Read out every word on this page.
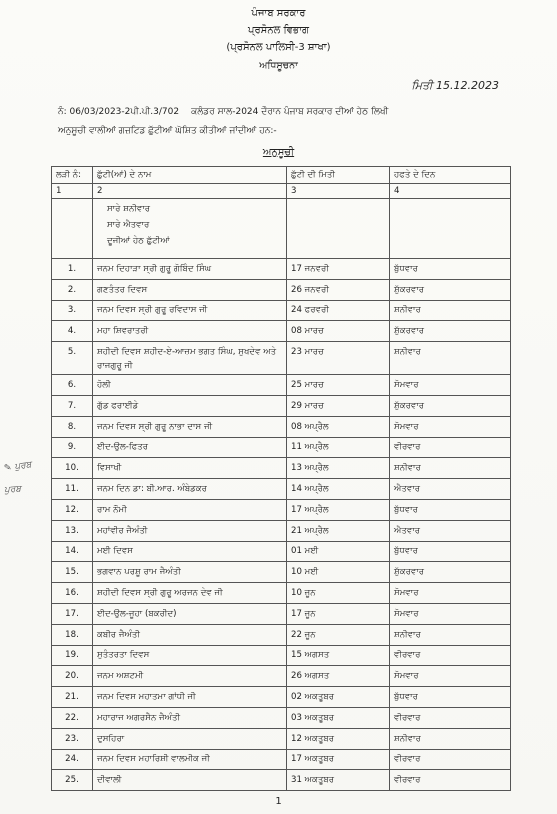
ਪੰਜਾਬ ਸਰਕਾਰ
ਪ੍ਰਸੋਨਲ ਵਿਭਾਗ
(ਪ੍ਰਸੋਨਲ ਪਾਲਿਸੀ-3 ਸ਼ਾਖਾ)
ਅਧਿਸੂਚਨਾ
ਮਿਤੀ 15.12.2023
ਨੰ: 06/03/2023-2ਪੀ.ਪੀ.3/702 ਕਲੰਡਰ ਸਾਲ-2024 ਦੌਰਾਨ ਪੰਜਾਬ ਸਰਕਾਰ ਦੀਆਂ ਹੇਠ ਲਿਖੀ
ਅਨੁਸੂਚੀ ਵਾਲੀਆਂ ਗਜ਼ਟਿਡ ਛੁੱਟੀਆਂ ਘੋਸ਼ਿਤ ਕੀਤੀਆਂ ਜਾਂਦੀਆਂ ਹਨ:-
ਅਨੁਸੂਚੀ
✎ ਪੁਰਬ
ਪੁਰਬ
ਲੜੀ ਨੰ:	ਛੁੱਟੀ(ਆਂ) ਦੇ ਨਾਮ	ਛੁੱਟੀ ਦੀ ਮਿਤੀ	ਹਫਤੇ ਦੇ ਦਿਨ
1	2	3	4

	ਸਾਰੇ ਸ਼ਨੀਵਾਰ
ਸਾਰੇ ਐਤਵਾਰ
ਦੂਜੀਆਂ ਹੇਠ ਛੁੱਟੀਆਂ		

1.	ਜਨਮ ਦਿਹਾੜਾ ਸ੍ਰੀ ਗੁਰੂ ਗੋਬਿੰਦ ਸਿੰਘ	17 ਜਨਵਰੀ	ਬੁੱਧਵਾਰ
2.	ਗਣਤੰਤਰ ਦਿਵਸ	26 ਜਨਵਰੀ	ਸ਼ੁੱਕਰਵਾਰ
3.	ਜਨਮ ਦਿਵਸ ਸ੍ਰੀ ਗੁਰੂ ਰਵਿਦਾਸ ਜੀ	24 ਫਰਵਰੀ	ਸ਼ਨੀਵਾਰ
4.	ਮਹਾ ਸ਼ਿਵਰਾਤਰੀ	08 ਮਾਰਚ	ਸ਼ੁੱਕਰਵਾਰ
5.	ਸ਼ਹੀਦੀ ਦਿਵਸ ਸ਼ਹੀਦ-ਏ-ਆਜ਼ਮ ਭਗਤ ਸਿੰਘ, ਸੁਖਦੇਵ ਅਤੇ ਰਾਜਗੁਰੂ ਜੀ	23 ਮਾਰਚ	ਸ਼ਨੀਵਾਰ
6.	ਹੋਲੀ	25 ਮਾਰਚ	ਸੋਮਵਾਰ
7.	ਗੁੱਡ ਫਰਾਈਡੇ	29 ਮਾਰਚ	ਸ਼ੁੱਕਰਵਾਰ
8.	ਜਨਮ ਦਿਵਸ ਸ੍ਰੀ ਗੁਰੂ ਨਾਭਾ ਦਾਸ ਜੀ	08 ਅਪ੍ਰੈਲ	ਸੋਮਵਾਰ
9.	ਈਦ-ਉਲ-ਫਿਤਰ	11 ਅਪ੍ਰੈਲ	ਵੀਰਵਾਰ
10.	ਵਿਸਾਖੀ	13 ਅਪ੍ਰੈਲ	ਸ਼ਨੀਵਾਰ
11.	ਜਨਮ ਦਿਨ ਡਾ: ਬੀ.ਆਰ. ਅੰਬੇਡਕਰ	14 ਅਪ੍ਰੈਲ	ਐਤਵਾਰ
12.	ਰਾਮ ਨੌਮੀ	17 ਅਪ੍ਰੈਲ	ਬੁੱਧਵਾਰ
13.	ਮਹਾਂਵੀਰ ਜੈਅੰਤੀ	21 ਅਪ੍ਰੈਲ	ਐਤਵਾਰ
14.	ਮਈ ਦਿਵਸ	01 ਮਈ	ਬੁੱਧਵਾਰ
15.	ਭਗਵਾਨ ਪਰਸ਼ੂ ਰਾਮ ਜੈਅੰਤੀ	10 ਮਈ	ਸ਼ੁੱਕਰਵਾਰ
16.	ਸ਼ਹੀਦੀ ਦਿਵਸ ਸ੍ਰੀ ਗੁਰੂ ਅਰਜਨ ਦੇਵ ਜੀ	10 ਜੂਨ	ਸੋਮਵਾਰ
17.	ਈਦ-ਉਲ-ਜੂਹਾ (ਬਕਰੀਦ)	17 ਜੂਨ	ਸੋਮਵਾਰ
18.	ਕਬੀਰ ਜੈਅੰਤੀ	22 ਜੂਨ	ਸ਼ਨੀਵਾਰ
19.	ਸੁਤੰਤਰਤਾ ਦਿਵਸ	15 ਅਗਸਤ	ਵੀਰਵਾਰ
20.	ਜਨਮ ਅਸ਼ਟਮੀ	26 ਅਗਸਤ	ਸੋਮਵਾਰ
21.	ਜਨਮ ਦਿਵਸ ਮਹਾਤਮਾ ਗਾਂਧੀ ਜੀ	02 ਅਕਤੂਬਰ	ਬੁੱਧਵਾਰ
22.	ਮਹਾਰਾਜ ਅਗਰਸੈਨ ਜੈਅੰਤੀ	03 ਅਕਤੂਬਰ	ਵੀਰਵਾਰ
23.	ਦੁਸਹਿਰਾ	12 ਅਕਤੂਬਰ	ਸ਼ਨੀਵਾਰ
24.	ਜਨਮ ਦਿਵਸ ਮਹਾਰਿਸ਼ੀ ਵਾਲਮੀਕ ਜੀ	17 ਅਕਤੂਬਰ	ਵੀਰਵਾਰ
25.	ਦੀਵਾਲੀ	31 ਅਕਤੂਬਰ	ਵੀਰਵਾਰ
1
